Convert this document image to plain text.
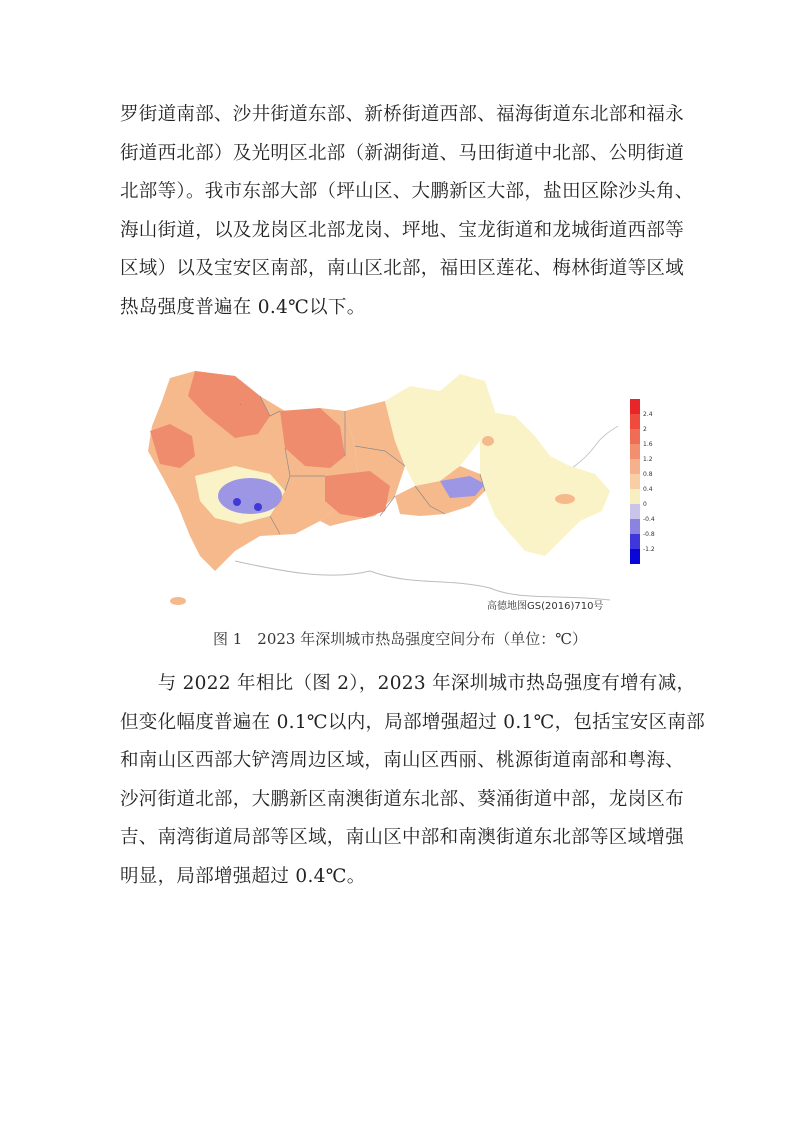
罗街道南部、沙井街道东部、新桥街道西部、福海街道东北部和福永
街道西北部）及光明区北部（新湖街道、马田街道中北部、公明街道
北部等）。我市东部大部（坪山区、大鹏新区大部，盐田区除沙头角、
海山街道，以及龙岗区北部龙岗、坪地、宝龙街道和龙城街道西部等
区域）以及宝安区南部，南山区北部，福田区莲花、梅林街道等区域
热岛强度普遍在 0.4℃以下。
·
2.4
2
1.6
1.2
0.8
0.4
0
-0.4
-0.8
-1.2
高德地图GS(2016)710号
图 1　2023 年深圳城市热岛强度空间分布（单位：℃）
　　与 2022 年相比（图 2），2023 年深圳城市热岛强度有增有减，
但变化幅度普遍在 0.1℃以内，局部增强超过 0.1℃，包括宝安区南部
和南山区西部大铲湾周边区域，南山区西丽、桃源街道南部和粤海、
沙河街道北部，大鹏新区南澳街道东北部、葵涌街道中部，龙岗区布
吉、南湾街道局部等区域，南山区中部和南澳街道东北部等区域增强
明显，局部增强超过 0.4℃。
